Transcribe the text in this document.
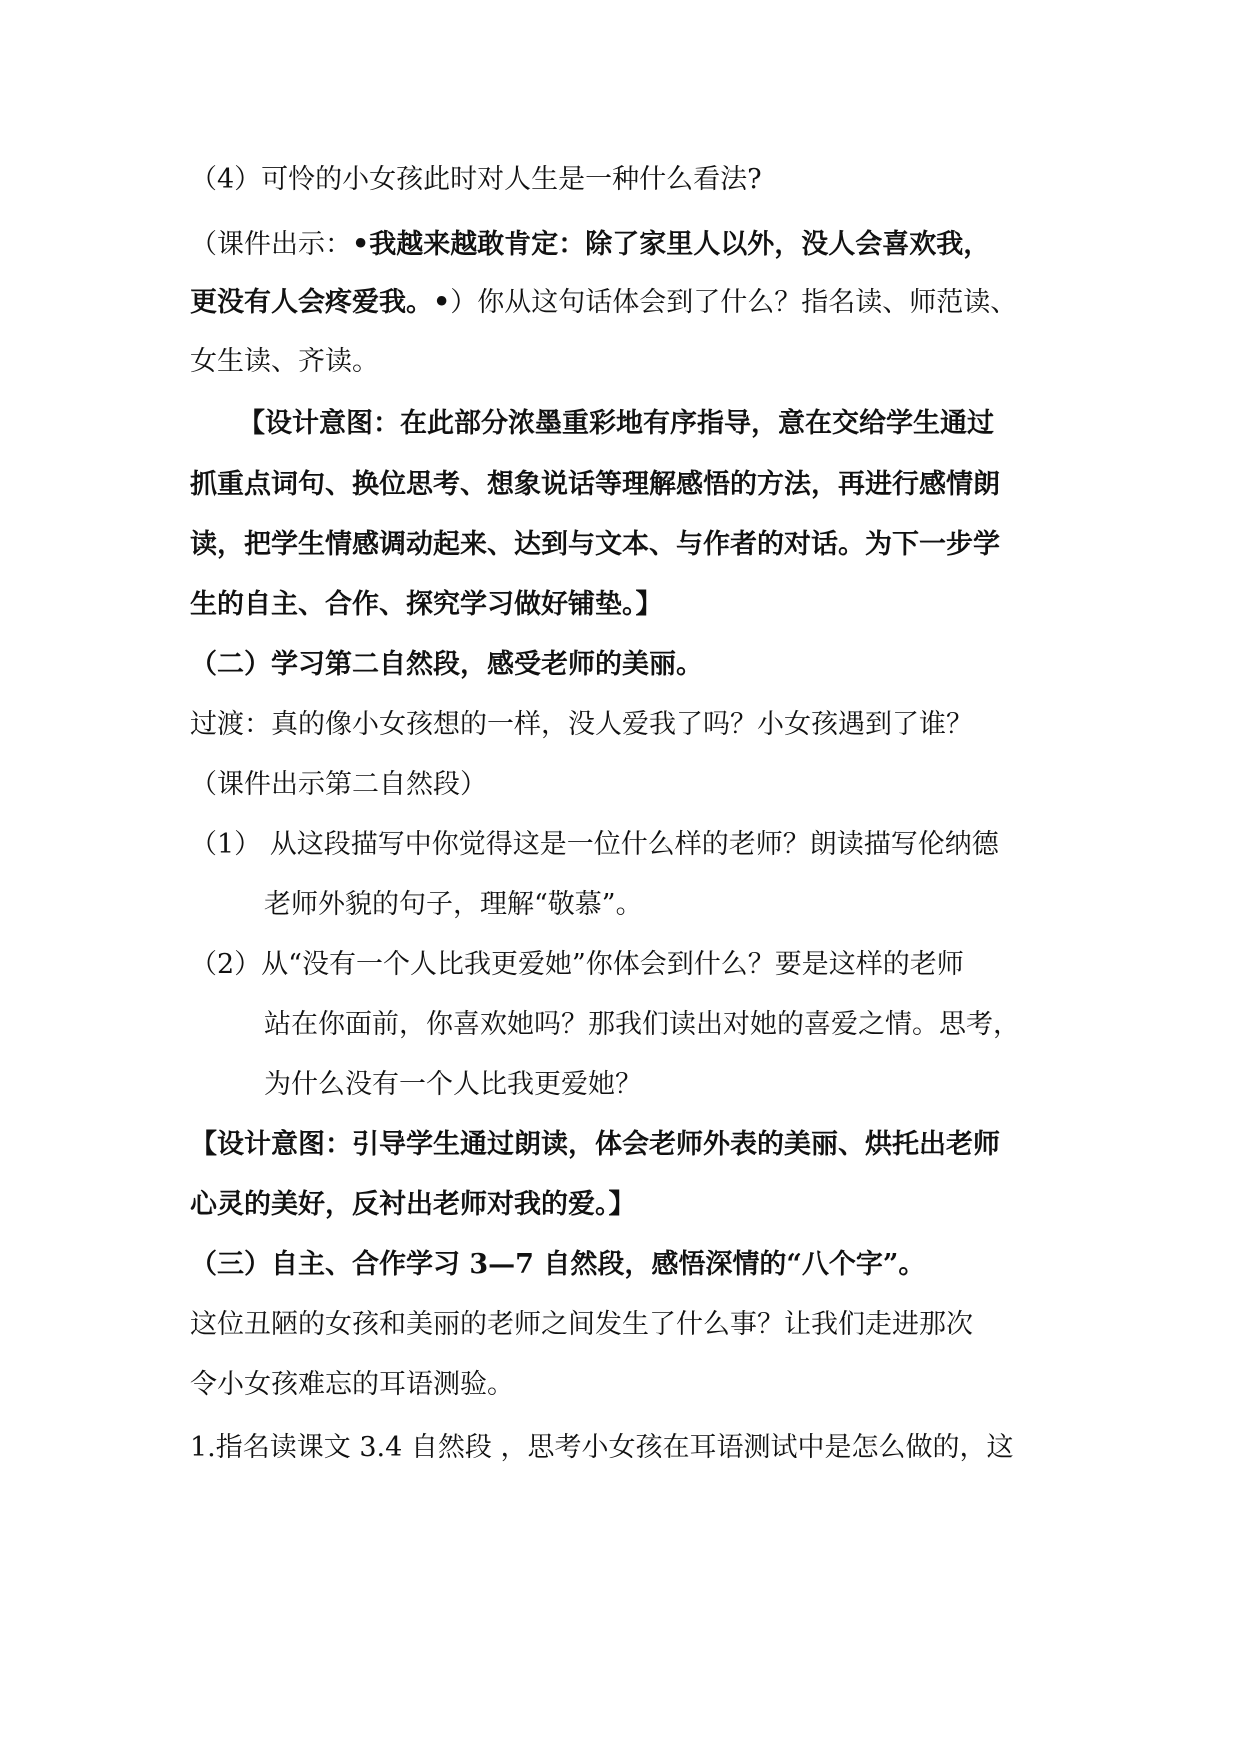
（4）可怜的小女孩此时对人生是一种什么看法?
（课件出示：•我越来越敢肯定：除了家里人以外，没人会喜欢我，
更没有人会疼爱我。•）你从这句话体会到了什么？指名读、师范读、
女生读、齐读。
【设计意图：在此部分浓墨重彩地有序指导，意在交给学生通过
抓重点词句、换位思考、想象说话等理解感悟的方法，再进行感情朗
读，把学生情感调动起来、达到与文本、与作者的对话。为下一步学
生的自主、合作、探究学习做好铺垫。】
（二）学习第二自然段，感受老师的美丽。
过渡：真的像小女孩想的一样，没人爱我了吗？小女孩遇到了谁？
（课件出示第二自然段）
（1） 从这段描写中你觉得这是一位什么样的老师？朗读描写伦纳德
老师外貌的句子，理解“敬慕”。
（2）从“没有一个人比我更爱她”你体会到什么？要是这样的老师
站在你面前，你喜欢她吗？那我们读出对她的喜爱之情。思考，
为什么没有一个人比我更爱她？
【设计意图：引导学生通过朗读，体会老师外表的美丽、烘托出老师
心灵的美好，反衬出老师对我的爱。】
（三）自主、合作学习 3—7 自然段，感悟深情的“八个字”。
这位丑陋的女孩和美丽的老师之间发生了什么事？让我们走进那次
令小女孩难忘的耳语测验。
1.指名读课文 3.4 自然段 ，思考小女孩在耳语测试中是怎么做的，这
